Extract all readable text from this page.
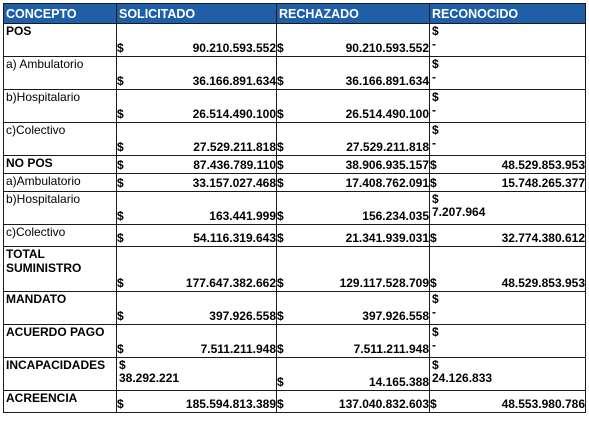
CONCEPTO	SOLICITADO	RECHAZADO	RECONOCIDO
POS	$ 90.210.593.552	$ 90.210.593.552	$
-

a) Ambulatorio	$ 36.166.891.634	$ 36.166.891.634	$
-

b)Hospitalario	$ 26.514.490.100	$ 26.514.490.100	$
-

c)Colectivo	$ 27.529.211.818	$ 27.529.211.818	$
-

NO POS	$ 87.436.789.110	$ 38.906.935.157	$ 48.529.853.953

a)Ambulatorio	$ 33.157.027.468	$ 17.408.762.091	$ 15.748.265.377

b)Hospitalario	$ 163.441.999	$ 156.234.035	$
7.207.964

c)Colectivo	$ 54.116.319.643	$ 21.341.939.031	$ 32.774.380.612

TOTAL SUMINISTRO	$ 177.647.382.662	$ 129.117.528.709	$ 48.529.853.953

MANDATO	$ 397.926.558	$ 397.926.558	$
-

ACUERDO PAGO	$ 7.511.211.948	$ 7.511.211.948	$
-

INCAPACIDADES	$
38.292.221	$ 14.165.388	$
24.126.833

ACREENCIA	$ 185.594.813.389	$ 137.040.832.603	$ 48.553.980.786
